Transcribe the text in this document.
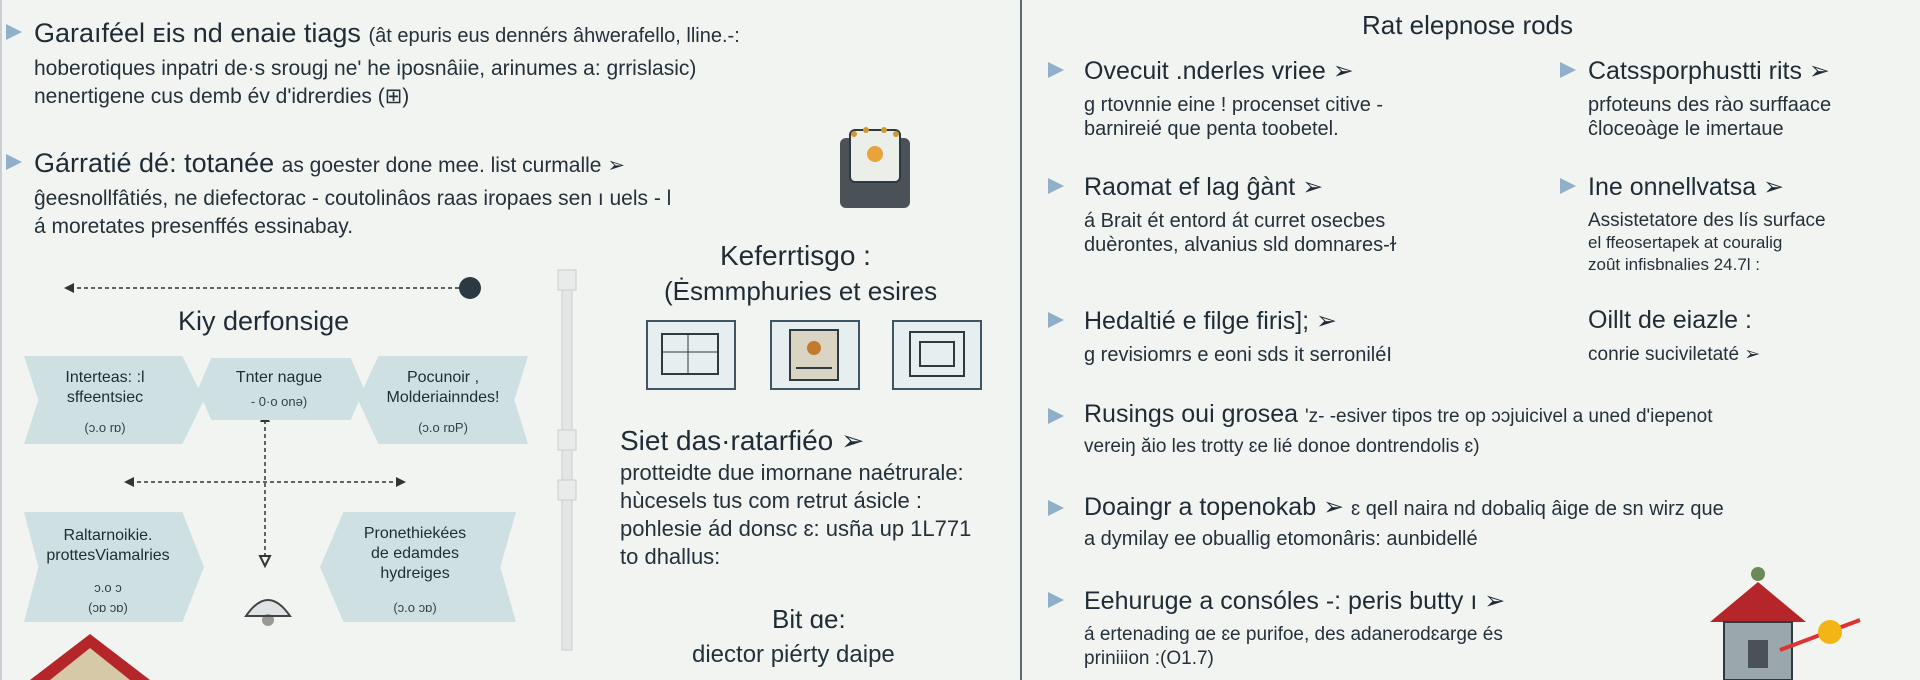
Garaıféel ᴇis nd enaie tiags (ât epuris eus dennérs âhwerafello, lline.-:
hoberotiques inpatri de·s srougj ne' he iposnâiie, arinumes a: grrislasic)
nenertigene cus demb év d'idrerdies (⊞)
Gárratié dé: totanée as goester done mee. list curmalle ➢
ĝeesnollfâtiés, ne diefectorac - coutolinâos raas iropaes sen ı uels - l
á moretates presenffés essinabay.
Kiy derfonsige
Interteas: :l
sffeentsiec
(ɔ.o rɒ)
Tnter nague
- 0·o onə)
Pocunoir ,
Molderiainndes!
(ɔ.o rɒP)
Raltarnoikie.
prottesViamalries
ɔ.o ɔ
(ɔɒ ɔɒ)
Pronethiekées
de edamdes
hydreiges
(ɔ.o ɔɒ)
Keferrtisgo :
(Ėsmmphuries et esires
Siet das·ratarfiéo ➢
protteidte due imornane naétrurale:
hùcesels tus com retrut ásicle :
pohlesie ád donsc ɛ: usña up 1L771
to dhallus:
Bit ɑe:
diector piérty daipe
Rat elepnose rods
Ovecuit .nderles vriee ➢
g rtovnnie eine ! procenset citive -
barnireié que penta toobetel.
Catssporphustti rits ➢
prfoteuns des rào surffaace
ĉloceoàge le imertaue
Raomat ef lag ĝànt ➢
á Brait ét entord át curret osecbes
duèrontes, alvanius sld domnares-ɫ
Ine onnellvatsa ➢
Assistetatore des lís surface
el ffeosertapek at couralig
zoût infisbnalies 24.7l :
Hedaltié e filge firis]; ➢
g revisiomrs e eoni sds it serroniléI
Oillt de eiazle :
conrie suciviletaté ➢
Rusings oui grosea 'z- -esiver tipos tre op ɔɔjuicivel a uned d'iepenot
vereiŋ ăio les trotty ɛe lié donoe dontrendolis ɛ)
Doaingr a topenokab ➢ ɛ qeIl naira nd dobaliq âige de sn wirz que
a dymilay ee obuallig etomonâris: aunbidellé
Eehuruge a consóles -: peris butty ı ➢
á ertenading ɑe ɛe purifoe, des adanerodɛarge és
priniiion :(O1.7)
